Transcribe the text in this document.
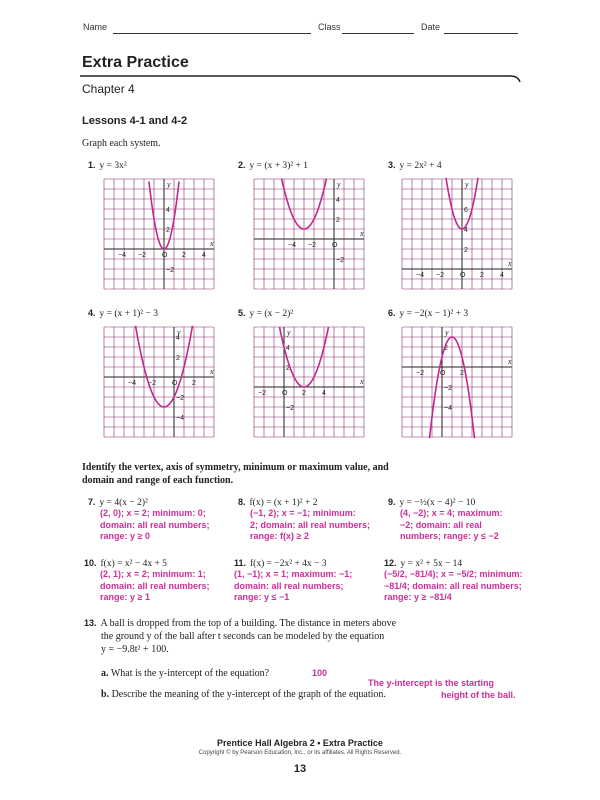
Name	Class	Date
Extra Practice
Chapter 4
Lessons 4-1 and 4-2
Graph each system.
1. y = 3x²	2. y = (x + 3)² + 1	3. y = 2x² + 4
4. y = (x + 1)² − 3	5. y = (x − 2)²	6. y = −2(x − 1)² + 3
x
y
−4 −2 O 2 4
4
2
−2
x
y
−4 −2 O
4
2
−2	x
y
−4 −2 O 2 4
6
4
2
x
y
−4 −2 O 2
4
2
−2
−4
x
y
−2 O 2 4
4
2
−2
x
y
−2 O 2
2
−2
−4
Identify the vertex, axis of symmetry, minimum or maximum value, and
domain and range of each function.
7. y = 4(x − 2)²
(2, 0); x = 2; minimum: 0;
domain: all real numbers;
range: y ≥ 0
8. f(x) = (x + 1)² + 2
(−1, 2); x = −1; minimum:
2; domain: all real numbers;
range: f(x) ≥ 2
9. y = −½(x − 4)² − 10
(4, −2); x = 4; maximum:
−2; domain: all real
numbers; range: y ≤ −2
10. f(x) = x² − 4x + 5
(2, 1); x = 2; minimum: 1;
domain: all real numbers;
range: y ≥ 1
11. f(x) = −2x² + 4x − 3
(1, −1); x = 1; maximum: −1;
domain: all real numbers;
range: y ≤ −1
12. y = x² + 5x − 14
(−5/2, −81/4); x = −5/2; minimum:
−81/4; domain: all real numbers;
range: y ≥ −81/4
13. A ball is dropped from the top of a building. The distance in meters above
the ground y of the ball after t seconds can be modeled by the equation
y = −9.8t² + 100.
a. What is the y-intercept of the equation?	100
The y-intercept is the starting
b. Describe the meaning of the y-intercept of the graph of the equation.	height of the ball.
Prentice Hall Algebra 2 • Extra Practice
Copyright © by Pearson Education, Inc., or its affiliates. All Rights Reserved.
13
